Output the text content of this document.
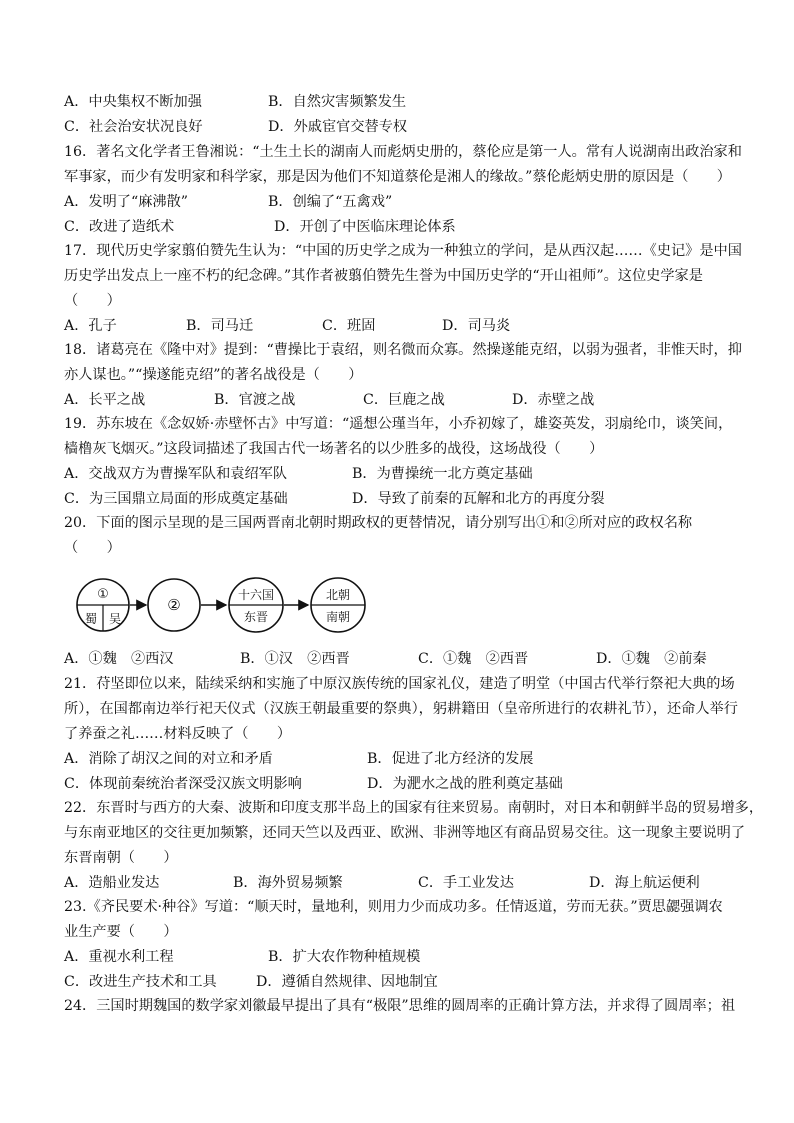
16．著名文化学者王鲁湘说：“土生土长的湖南人而彪炳史册的，蔡伦应是第一人。常有人说湖南出政治家和
军事家，而少有发明家和科学家，那是因为他们不知道蔡伦是湘人的缘故。”蔡伦彪炳史册的原因是（　　）
17．现代历史学家翦伯赞先生认为：“中国的历史学之成为一种独立的学问，是从西汉起……《史记》是中国
历史学出发点上一座不朽的纪念碑。”其作者被翦伯赞先生誉为中国历史学的“开山祖师”。这位史学家是
（　　）
18．诸葛亮在《隆中对》提到：“曹操比于袁绍，则名微而众寡。然操遂能克绍，以弱为强者，非惟天时，抑
亦人谋也。”“操遂能克绍”的著名战役是（　　）
19．苏东坡在《念奴娇·赤壁怀古》中写道：“遥想公瑾当年，小乔初嫁了，雄姿英发，羽扇纶巾，谈笑间，
樯橹灰飞烟灭。”这段词描述了我国古代一场著名的以少胜多的战役，这场战役（　　）
20．下面的图示呈现的是三国两晋南北朝时期政权的更替情况，请分别写出①和②所对应的政权名称
（　　）
21．苻坚即位以来，陆续采纳和实施了中原汉族传统的国家礼仪，建造了明堂（中国古代举行祭祀大典的场
所），在国都南边举行祀天仪式（汉族王朝最重要的祭典），躬耕籍田（皇帝所进行的农耕礼节），还命人举行
了养蚕之礼……材料反映了（　　）
22．东晋时与西方的大秦、波斯和印度支那半岛上的国家有往来贸易。南朝时，对日本和朝鲜半岛的贸易增多，
与东南亚地区的交往更加频繁，还同天竺以及西亚、欧洲、非洲等地区有商品贸易交往。这一现象主要说明了
东晋南朝（　　）
23.《齐民要术·种谷》写道：“顺天时，量地利，则用力少而成功多。任情返道，劳而无获。”贾思勰强调农
业生产要（　　）
24．三国时期魏国的数学家刘徽最早提出了具有“极限”思维的圆周率的正确计算方法，并求得了圆周率；祖
A．中央集权不断加强	B．自然灾害频繁发生
C．社会治安状况良好	D．外戚宦官交替专权
A．发明了“麻沸散”	B．创编了“五禽戏”
C．改进了造纸术	D．开创了中医临床理论体系
A．孔子	B．司马迁	C．班固	D．司马炎
A．长平之战	B．官渡之战	C．巨鹿之战	D．赤壁之战
A．交战双方为曹操军队和袁绍军队	B．为曹操统一北方奠定基础
C．为三国鼎立局面的形成奠定基础	D．导致了前秦的瓦解和北方的再度分裂
A．①魏　②西汉	B．①汉　②西晋	C．①魏　②西晋	D．①魏　②前秦
A．消除了胡汉之间的对立和矛盾	B．促进了北方经济的发展
C．体现前秦统治者深受汉族文明影响	D．为淝水之战的胜利奠定基础
A．造船业发达	B．海外贸易频繁	C．手工业发达	D．海上航运便利
A．重视水利工程	B．扩大农作物种植规模
C．改进生产技术和工具	D．遵循自然规律、因地制宜
①
蜀 吴
②
十六国
东晋
北朝
南朝
